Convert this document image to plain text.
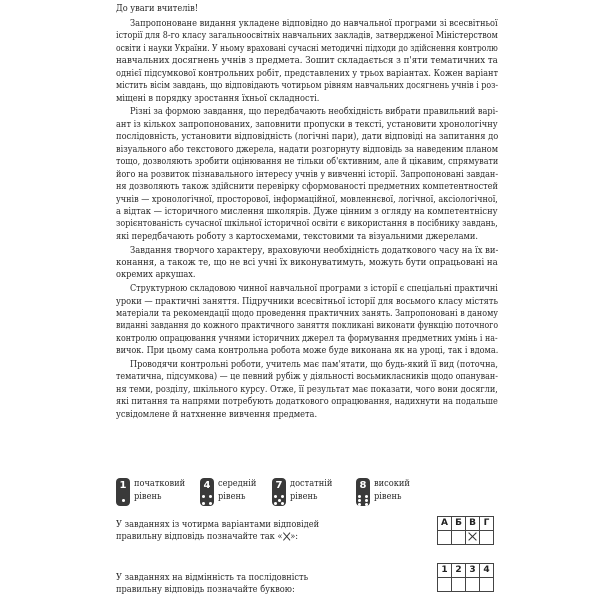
До уваги вчителів!
Запропоноване видання укладене відповідно до навчальної програми зі всесвітньої
історії для 8-го класу загальноосвітніх навчальних закладів, затвердженої Міністерством
освіти і науки України. У ньому враховані сучасні методичні підходи до здійснення контролю
навчальних досягнень учнів з предмета. Зошит складається з п'яти тематичних та
однієї підсумкової контрольних робіт, представлених у трьох варіантах. Кожен варіант
містить вісім завдань, що відповідають чотирьом рівням навчальних досягнень учнів і роз-
міщені в порядку зростання їхньої складності.
Різні за формою завдання, що передбачають необхідність вибрати правильний варі-
ант із кількох запропонованих, заповнити пропуски в тексті, установити хронологічну
послідовність, установити відповідність (логічні пари), дати відповіді на запитання до
візуального або текстового джерела, надати розгорнуту відповідь за наведеним планом
тощо, дозволяють зробити оцінювання не тільки об'єктивним, але й цікавим, спрямувати
його на розвиток пізнавального інтересу учнів у вивченні історії. Запропоновані завдан-
ня дозволяють також здійснити перевірку сформованості предметних компетентностей
учнів — хронологічної, просторової, інформаційної, мовленнєвої, логічної, аксіологічної,
а відтак — історичного мислення школярів. Дуже цінним з огляду на компетентнісну
зорієнтованість сучасної шкільної історичної освіти є використання в посібнику завдань,
які передбачають роботу з картосхемами, текстовими та візуальними джерелами.
Завдання творчого характеру, враховуючи необхідність додаткового часу на їх ви-
конання, а також те, що не всі учні їх виконуватимуть, можуть бути опрацьовані на
окремих аркушах.
Структурною складовою чинної навчальної програми з історії є спеціальні практичні
уроки — практичні заняття. Підручники всесвітньої історії для восьмого класу містять
матеріали та рекомендації щодо проведення практичних занять. Запропоновані в даному
виданні завдання до кожного практичного заняття покликані виконати функцію поточного
контролю опрацювання учнями історичних джерел та формування предметних умінь і на-
вичок. При цьому сама контрольна робота може буде виконана як на уроці, так і вдома.
Проводячи контрольні роботи, учитель має пам'ятати, що будь-який її вид (поточна,
тематична, підсумкова) — це певний рубіж у діяльності восьмикласників щодо опануван-
ня теми, розділу, шкільного курсу. Отже, її результат має показати, чого вони досягли,
які питання та напрями потребують додаткового опрацювання, надихнути на подальше
усвідомлене й натхненне вивчення предмета.
1 початковий
рівень
4 середній
рівень
7 достатній
рівень
8 високий
рівень
У завданнях із чотирма варіантами відповідей
правильну відповідь позначайте так « »:
А	Б	В	Г

У завданнях на відмінність та послідовність
правильну відповідь позначайте буквою:
1	2	3	4
